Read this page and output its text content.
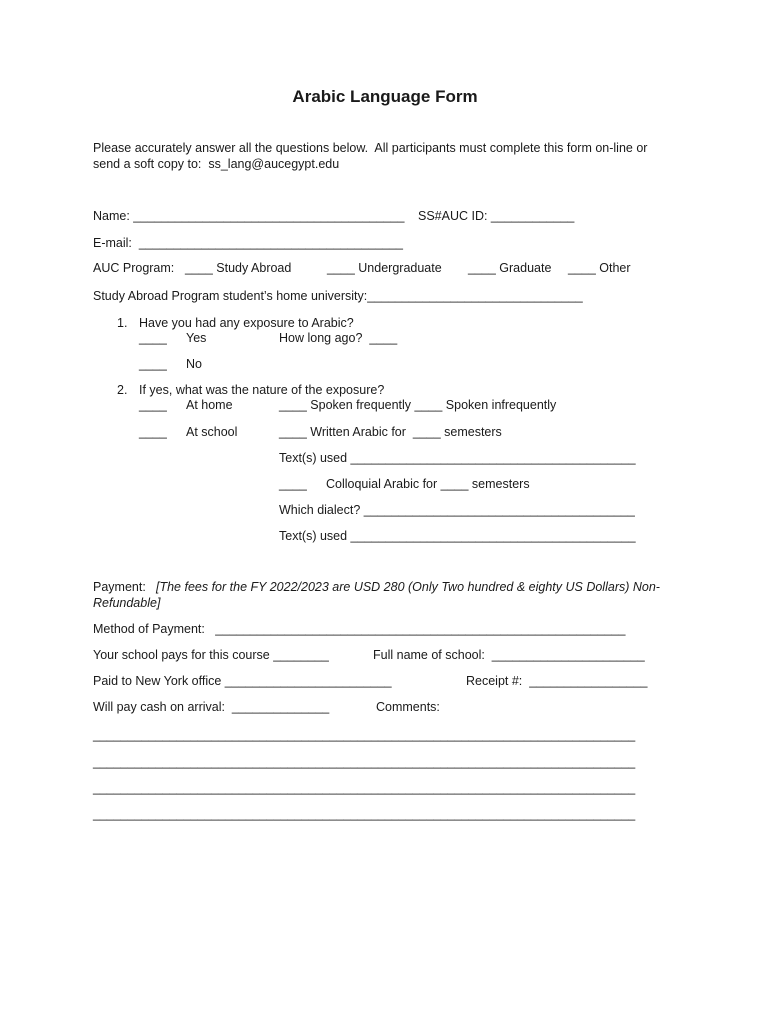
Arabic Language Form
Please accurately answer all the questions below.  All participants must complete this form on-line or
send a soft copy to:  ss_lang@aucegypt.edu
Name: _______________________________________ SS#AUC ID: ____________
E-mail:  ______________________________________
AUC Program: ____ Study Abroad	____ Undergraduate ____ Graduate ____ Other
Study Abroad Program student’s home university:_______________________________
1. Have you had any exposure to Arabic?
____ Yes	How long ago?  ____
____ No
2. If yes, what was the nature of the exposure?
____ At home	____ Spoken frequently ____ Spoken infrequently
____ At school	____ Written Arabic for  ____ semesters
Text(s) used _________________________________________
____ Colloquial Arabic for ____ semesters
Which dialect? _______________________________________
Text(s) used _________________________________________
Payment: [The fees for the FY 2022/2023 are USD 280 (Only Two hundred & eighty US Dollars) Non-
Refundable]
Method of Payment:   ___________________________________________________________
Your school pays for this course ________	Full name of school:  ______________________
Paid to New York office ________________________	Receipt #:  _________________
Will pay cash on arrival:  ______________	Comments:
______________________________________________________________________________
______________________________________________________________________________
______________________________________________________________________________
______________________________________________________________________________
